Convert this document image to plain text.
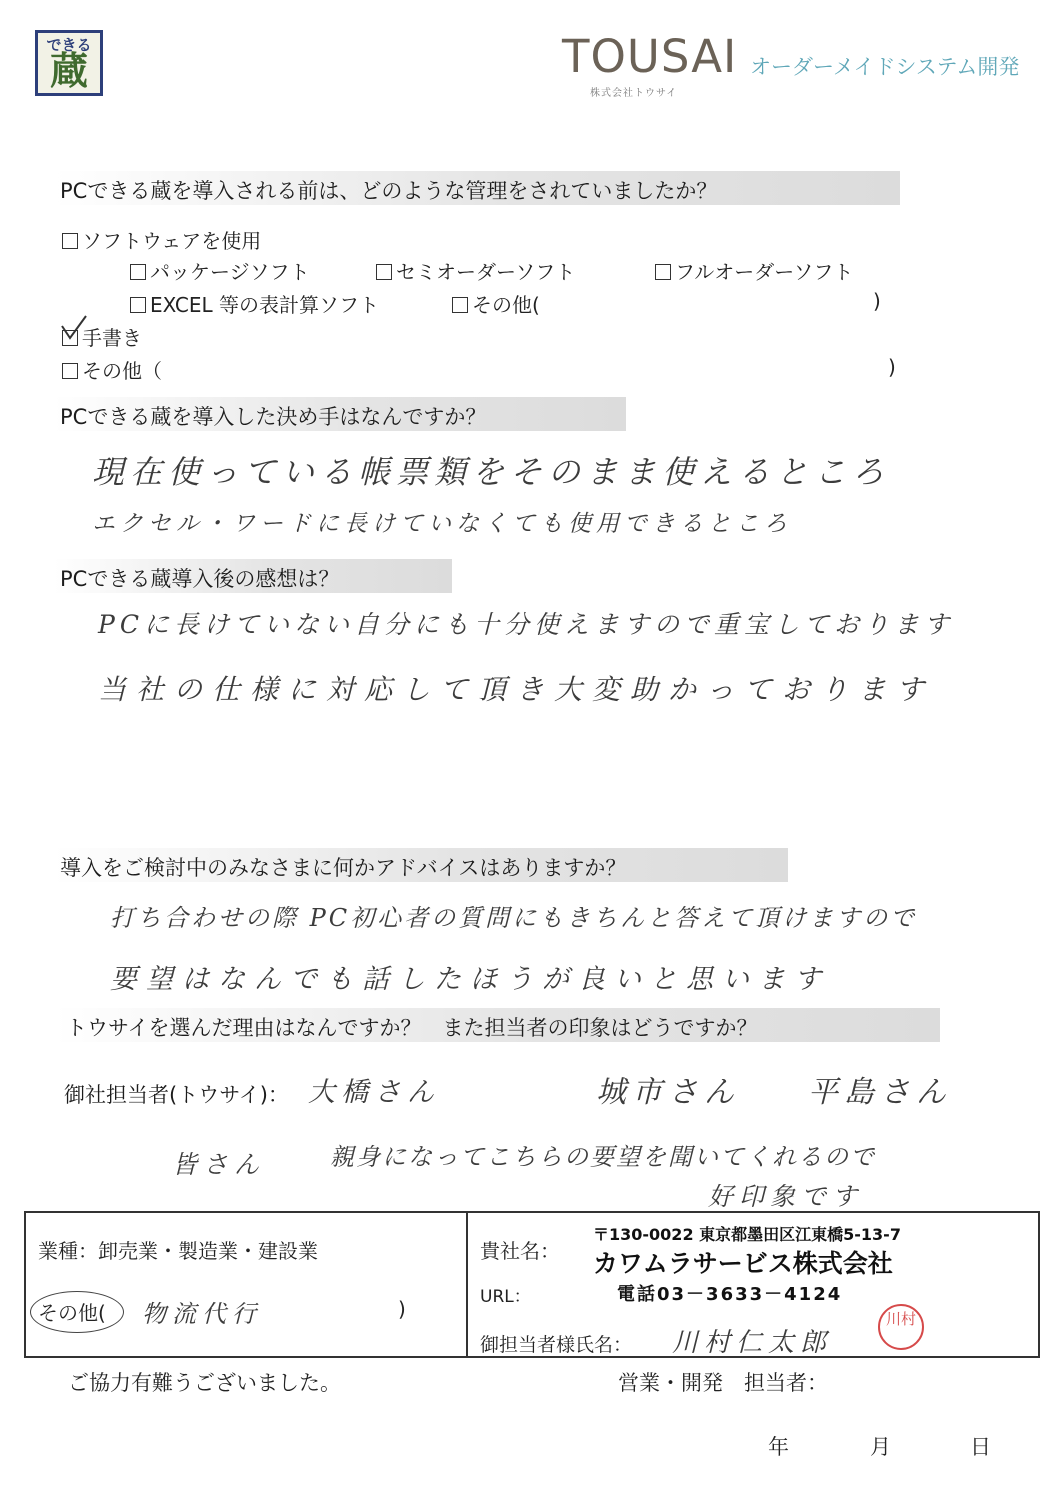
できる
蔵	TOUSAI
株式会社トウサイ
オーダーメイドシステム開発
PCできる蔵を導入される前は、どのような管理をされていましたか？
ソフトウェアを使用
パッケージソフト	セミオーダーソフト	フルオーダーソフト
EXCEL 等の表計算ソフト	その他(	)
手書き
その他（	)
PCできる蔵を導入した決め手はなんですか？
現在使っている帳票類をそのまま使えるところ
エクセル・ワードに長けていなくても使用できるところ
PCできる蔵導入後の感想は？
PCに長けていない自分にも十分使えますので重宝しております
当社の仕様に対応して頂き大変助かっております
導入をご検討中のみなさまに何かアドバイスはありますか？
打ち合わせの際 PC初心者の質問にもきちんと答えて頂けますので
要望はなんでも話したほうが良いと思います
トウサイを選んだ理由はなんですか？　また担当者の印象はどうですか？
御社担当者(トウサイ)： 大橋さん	城市さん 平島さん
皆さん	親身になってこちらの要望を聞いてくれるので
好印象です
業種：卸売業・製造業・建設業
その他( 物流代行	)
貴社名：
〒130-0022 東京都墨田区江東橋5-13-7
カワムラサービス株式会社
URL：	電話03－3633－4124
御担当者様氏名： 川村仁太郎
川村
ご協力有難うございました。	営業・開発　担当者：
年	月	日
